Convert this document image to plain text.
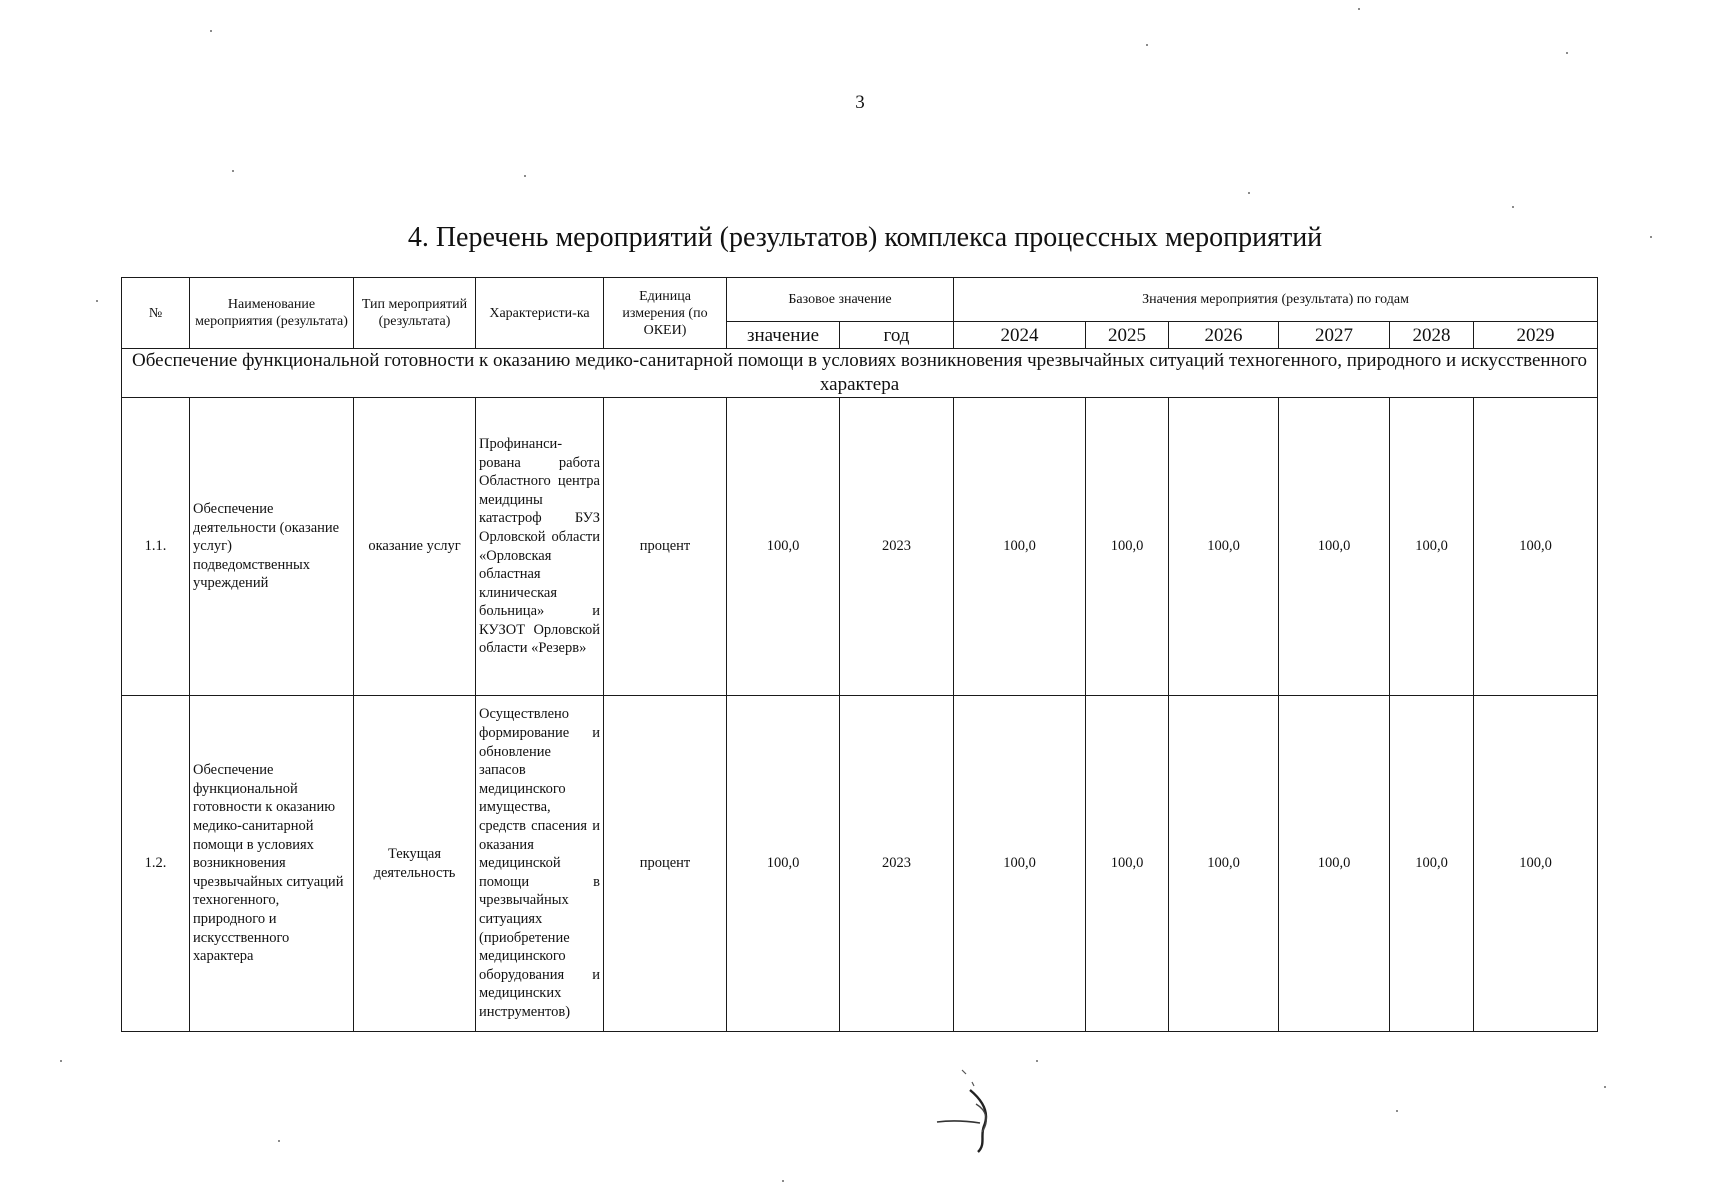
3
4. Перечень мероприятий (результатов) комплекса процессных мероприятий
№	Наименование мероприятия (результата)	Тип мероприятий (результата)	Характеристи-ка	Единица измерения (по ОКЕИ)	Базовое значение		Значения мероприятия (результата) по годам					
					значение	год	2024	2025	2026	2027	2028	2029
Обеспечение функциональной готовности к оказанию медико-санитарной помощи в условиях возникновения чрезвычайных ситуаций техногенного, природного и искусственного характера												
1.1.	Обеспечение деятельности (оказание услуг) подведомственных учреждений	оказание услуг	Профинанси-рована работа Областного центра меидцины катастроф БУЗ Орловской области «Орловская областная клиническая больница» и КУЗОТ Орловской области «Резерв»	процент	100,0	2023	100,0	100,0	100,0	100,0	100,0	100,0
1.2.	Обеспечение функциональной готовности к оказанию медико-санитарной помощи в условиях возникновения чрезвычайных ситуаций техногенного, природного и искусственного характера	Текущая деятельность	Осуществлено формирование и обновление запасов медицинского имущества, средств спасения и оказания медицинской помощи в чрезвычайных ситуациях (приобретение медицинского оборудования и медицинских инструментов)	процент	100,0	2023	100,0	100,0	100,0	100,0	100,0	100,0
